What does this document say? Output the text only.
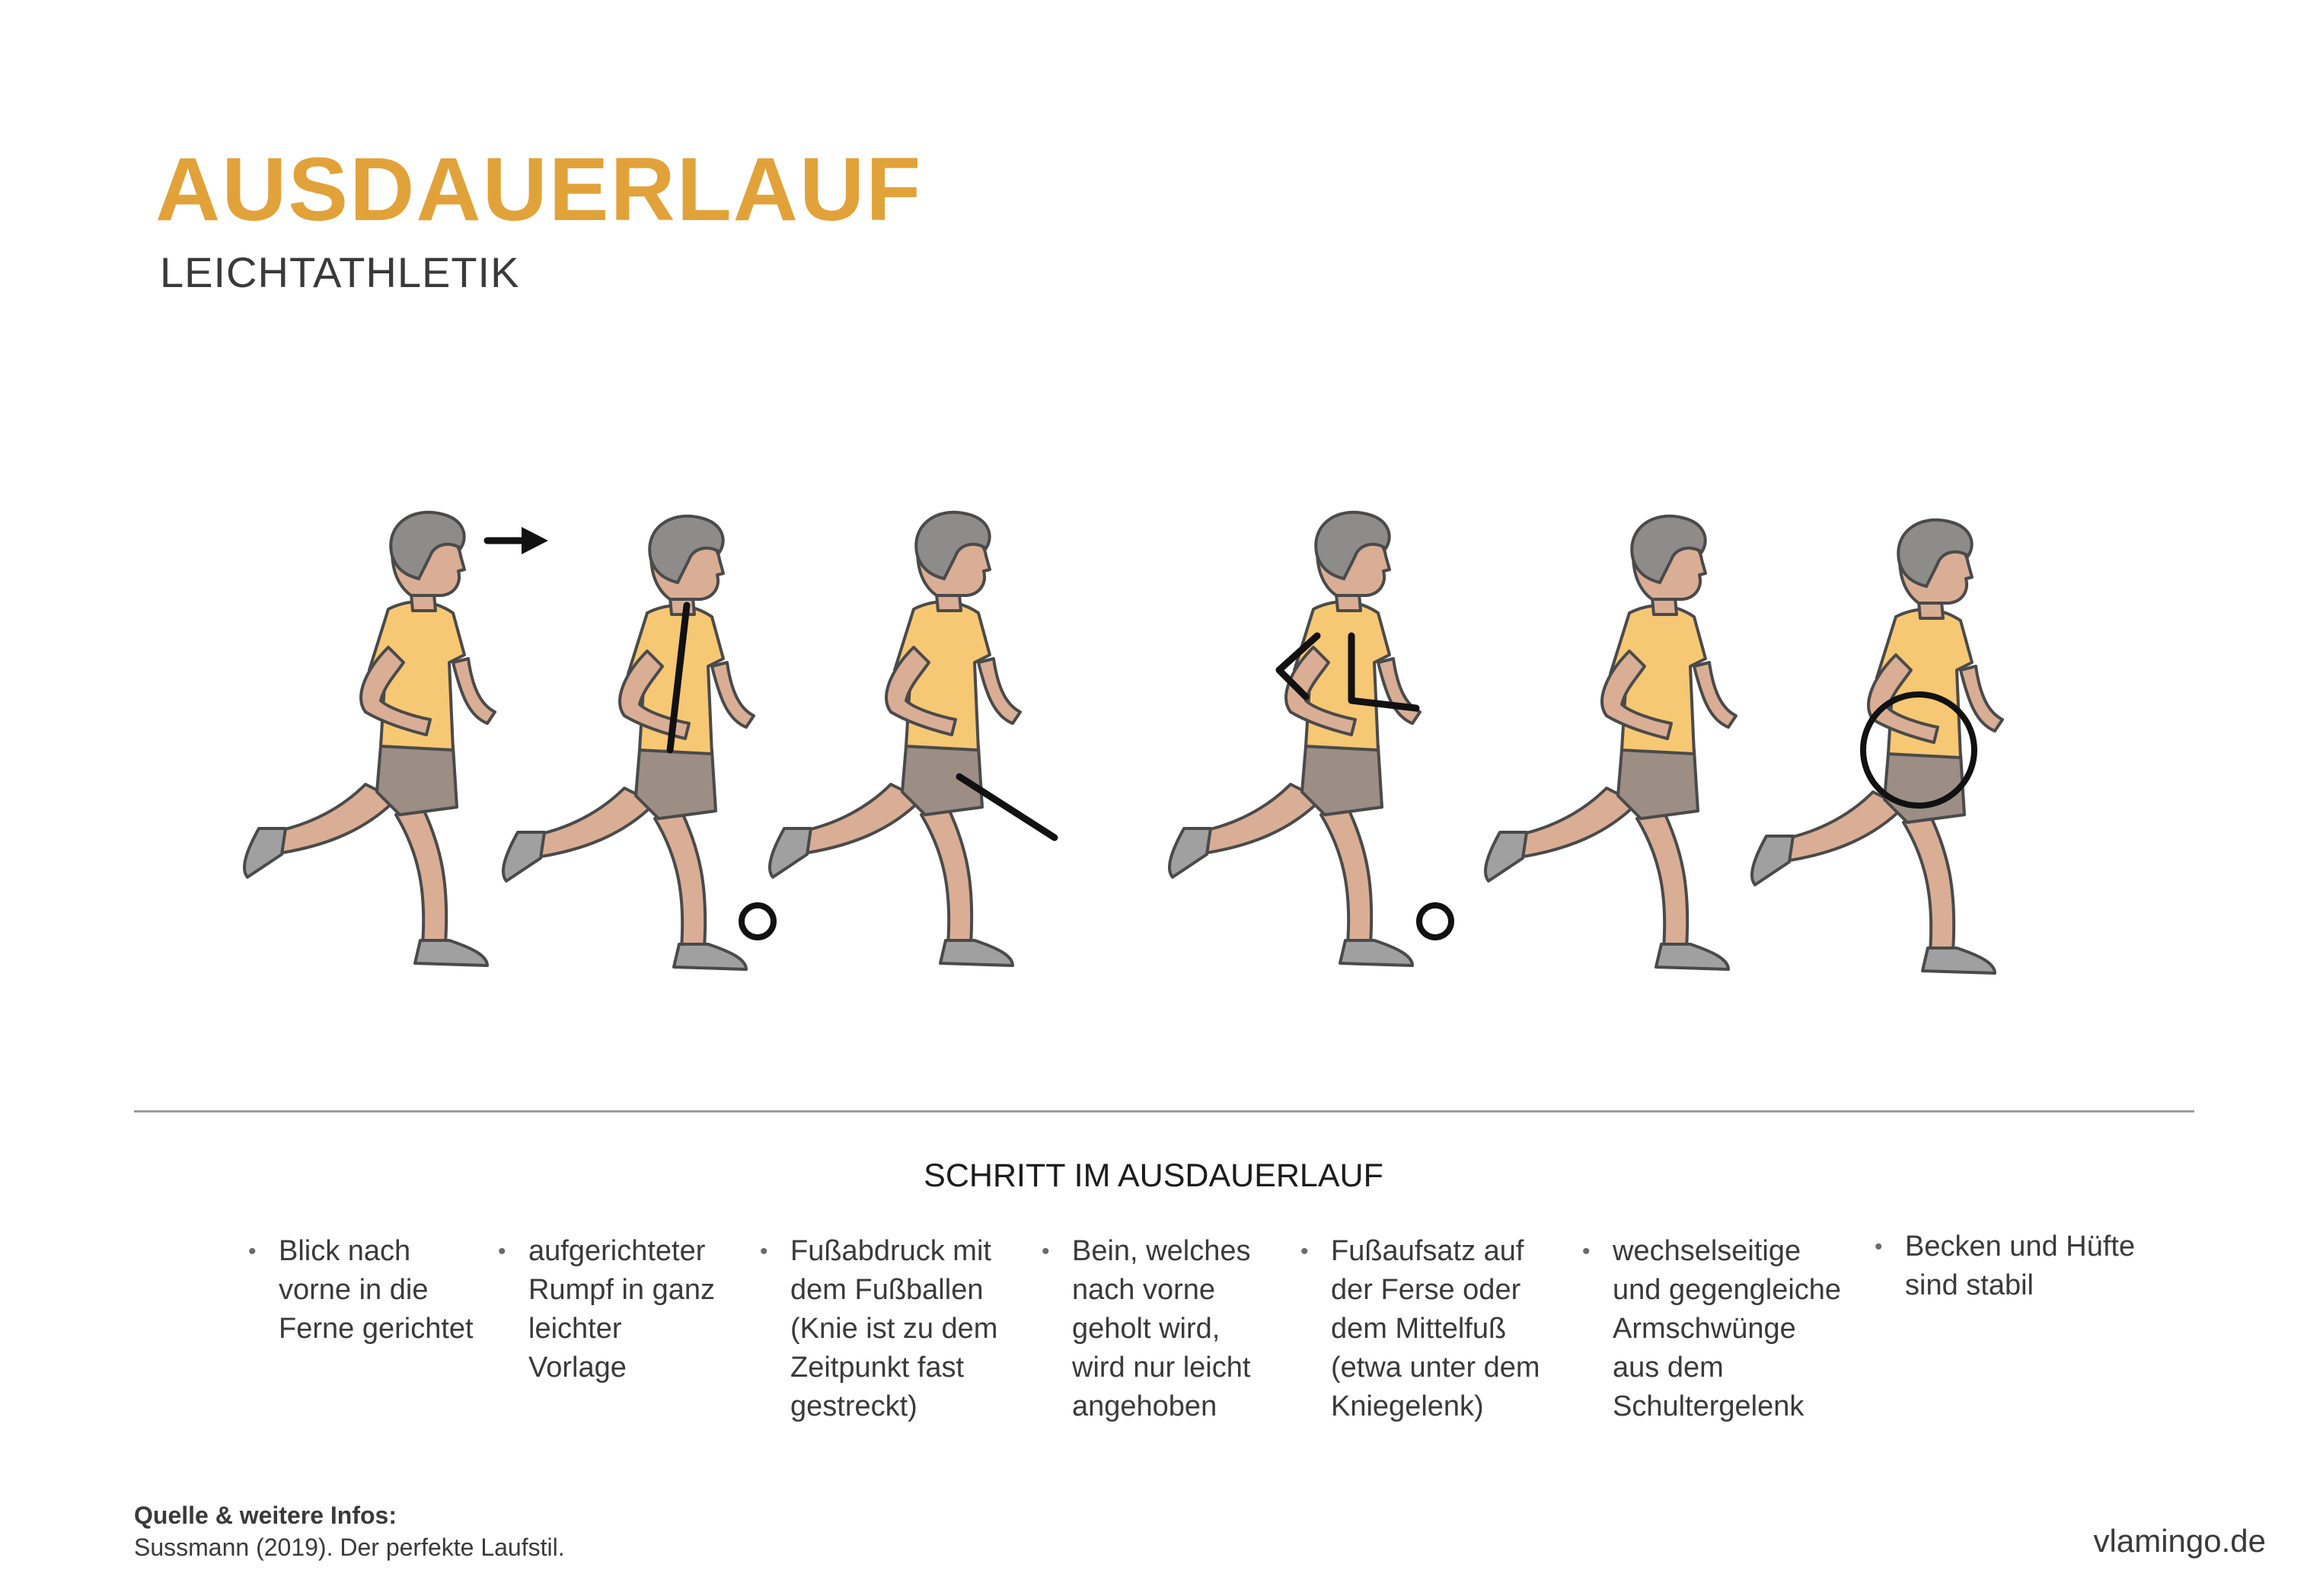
AUSDAUERLAUF
LEICHTATHLETIK
SCHRITT IM AUSDAUERLAUF
• Blick nach
vorne in die
Ferne gerichtet
• aufgerichteter
Rumpf in ganz
leichter
Vorlage
• Fußabdruck mit
dem Fußballen
(Knie ist zu dem
Zeitpunkt fast
gestreckt)
• Bein, welches
nach vorne
geholt wird,
wird nur leicht
angehoben
• Fußaufsatz auf
der Ferse oder
dem Mittelfuß
(etwa unter dem
Kniegelenk)
• wechselseitige
und gegengleiche
Armschwünge
aus dem
Schultergelenk
• Becken und Hüfte
sind stabil
Quelle & weitere Infos:
Sussmann (2019). Der perfekte Laufstil.	vlamingo.de
